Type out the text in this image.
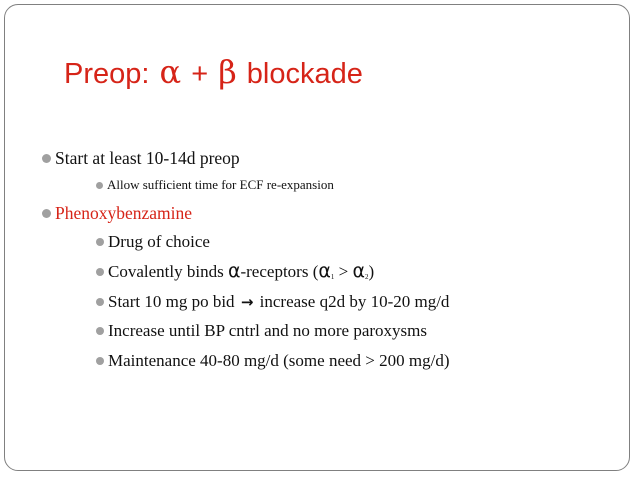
Preop: α + β blockade
Start at least 10-14d preop
Allow sufficient time for ECF re-expansion
Phenoxybenzamine
Drug of choice
Covalently binds α-receptors $(\alpha_1 > \alpha_2)$
Start 10 mg po bid → increase q2d by 10-20 mg/d
Increase until BP cntrl and no more paroxysms
Maintenance 40-80 mg/d (some need > 200 mg/d)
